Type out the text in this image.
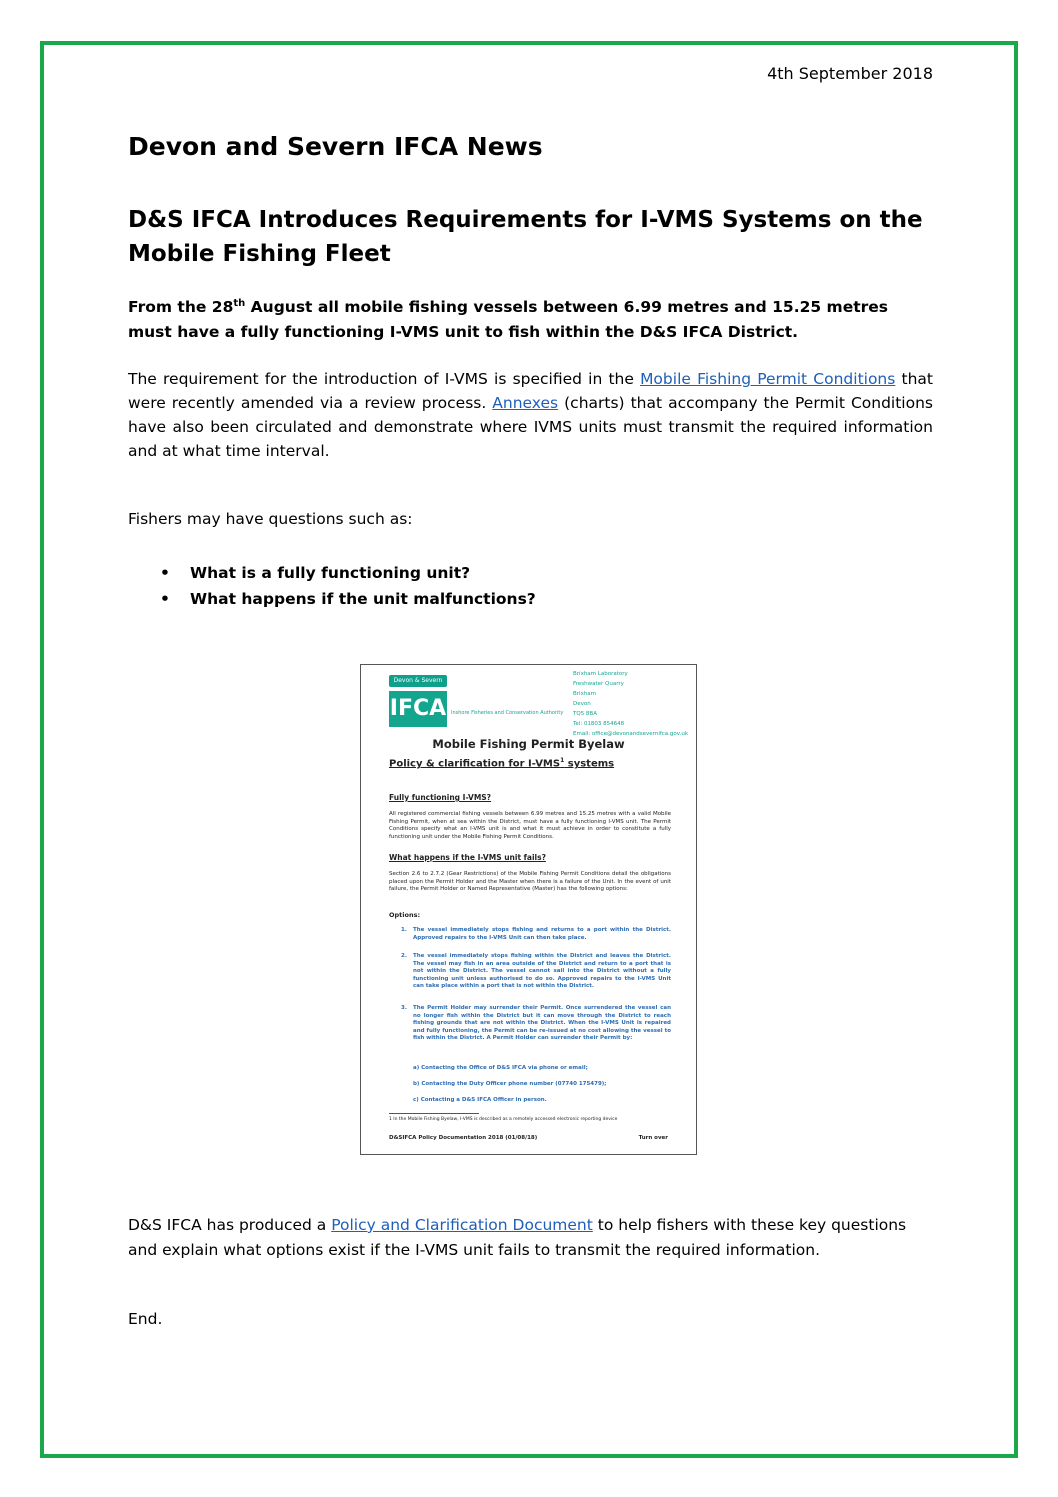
4th September 2018
Devon and Severn IFCA News
D&S IFCA Introduces Requirements for I-VMS Systems on the Mobile Fishing Fleet

From the 28th August all mobile fishing vessels between 6.99 metres and 15.25 metres must have a fully functioning I-VMS unit to fish within the D&S IFCA District.

The requirement for the introduction of I-VMS is specified in the Mobile Fishing Permit Conditions that were recently amended via a review process. Annexes (charts) that accompany the Permit Conditions have also been circulated and demonstrate where IVMS units must transmit the required information and at what time interval.

Fishers may have questions such as:

• What is a fully functioning unit?
• What happens if the unit malfunctions?
Devon & Severn
IFCA Inshore Fisheries and Conservation Authority
Brixham Laboratory
Freshwater Quarry
Brixham
Devon
TQ5 8BA
Tel: 01803 854648
Email: office@devonandsevernifca.gov.uk
Mobile Fishing Permit Byelaw
Policy & clarification for I-VMS$^1$ systems
Fully functioning I-VMS?
All registered commercial fishing vessels between 6.99 metres and 15.25 metres with a valid Mobile Fishing Permit, when at sea within the District, must have a fully functioning I-VMS unit. The Permit Conditions specify what an I-VMS unit is and what it must achieve in order to constitute a fully functioning unit under the Mobile Fishing Permit Conditions.
What happens if the I-VMS unit fails?
Section 2.6 to 2.7.2 (Gear Restrictions) of the Mobile Fishing Permit Conditions detail the obligations placed upon the Permit Holder and the Master when there is a failure of the Unit. In the event of unit failure, the Permit Holder or Named Representative (Master) has the following options:
Options:
1. The vessel immediately stops fishing and returns to a port within the District. Approved repairs to the I-VMS Unit can then take place.
2. The vessel immediately stops fishing within the District and leaves the District. The vessel may fish in an area outside of the District and return to a port that is not within the District. The vessel cannot sail into the District without a fully functioning unit unless authorised to do so. Approved repairs to the I-VMS Unit can take place within a port that is not within the District.
3. The Permit Holder may surrender their Permit. Once surrendered the vessel can no longer fish within the District but it can move through the District to reach fishing grounds that are not within the District. When the I-VMS Unit is repaired and fully functioning, the Permit can be re-issued at no cost allowing the vessel to fish within the District. A Permit Holder can surrender their Permit by:
a) Contacting the Office of D&S IFCA via phone or email;
b) Contacting the Duty Officer phone number (07740 175479);
c) Contacting a D&S IFCA Officer in person.
1 In the Mobile Fishing Byelaw, I-VMS is described as a remotely accessed electronic reporting device
D&SIFCA Policy Documentation 2018 (01/08/18)	Turn over

D&S IFCA has produced a Policy and Clarification Document to help fishers with these key questions and explain what options exist if the I-VMS unit fails to transmit the required information.

End.
